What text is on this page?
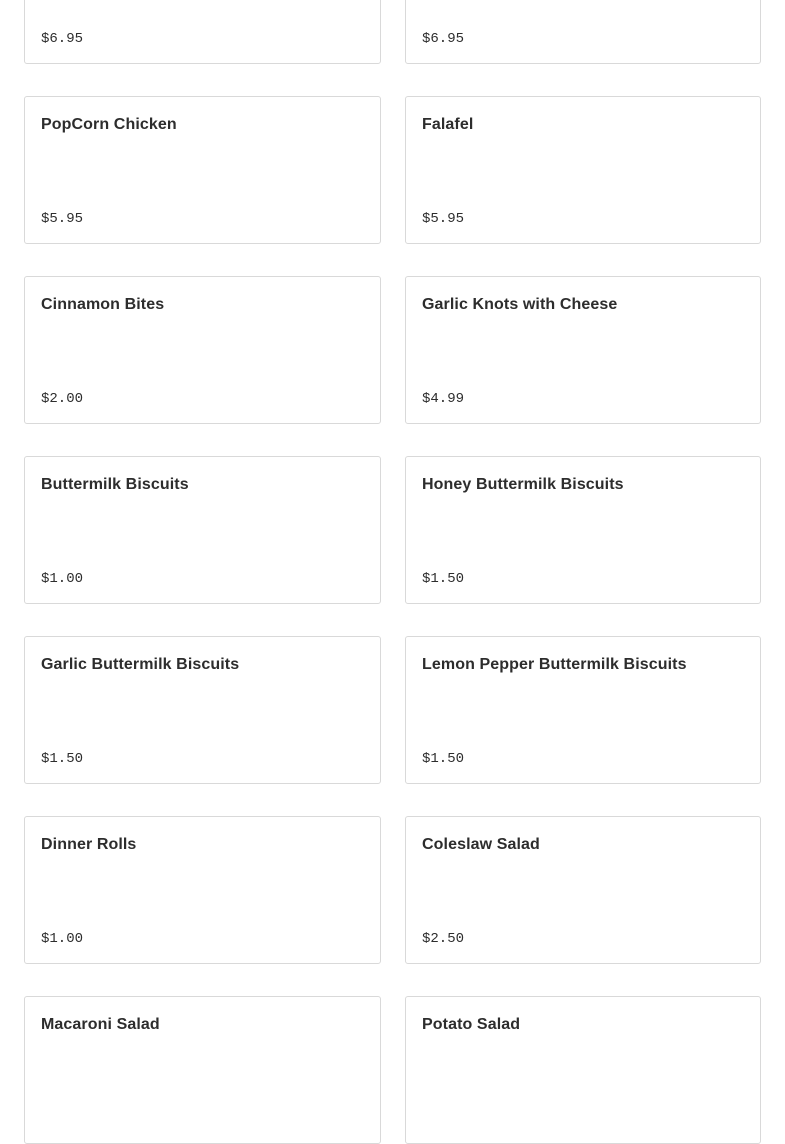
$6.95	$6.95
PopCorn Chicken
$5.95
Falafel
$5.95
Cinnamon Bites
$2.00
Garlic Knots with Cheese
$4.99
Buttermilk Biscuits
$1.00
Honey Buttermilk Biscuits
$1.50
Garlic Buttermilk Biscuits
$1.50
Lemon Pepper Buttermilk Biscuits
$1.50
Dinner Rolls
$1.00
Coleslaw Salad
$2.50
Macaroni Salad	Potato Salad
